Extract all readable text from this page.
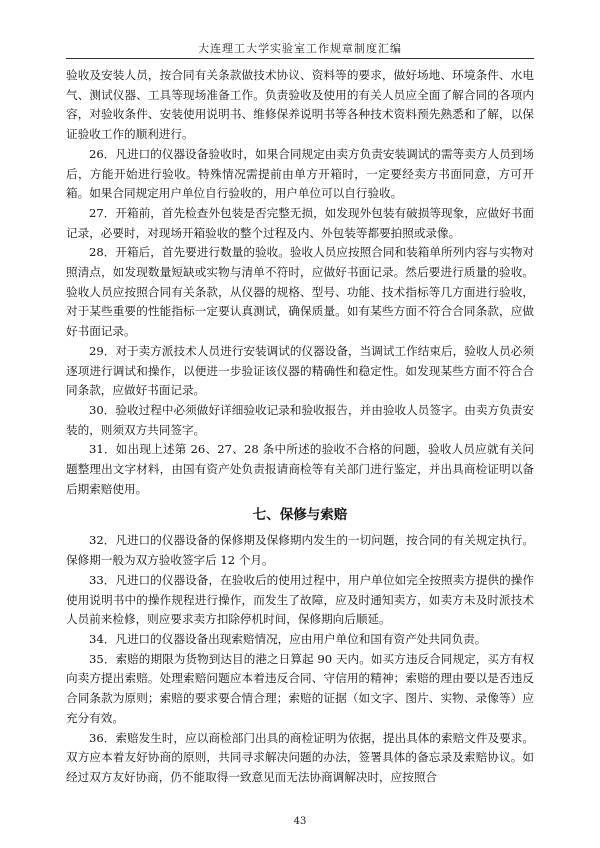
大连理工大学实验室工作规章制度汇编

验收及安装人员，按合同有关条款做技术协议、资料等的要求，做好场地、环境条件、水电气、测试仪器、工具等现场准备工作。负责验收及使用的有关人员应全面了解合同的各项内容，对验收条件、安装使用说明书、维修保养说明书等各种技术资料预先熟悉和了解，以保证验收工作的顺利进行。

26．凡进口的仪器设备验收时，如果合同规定由卖方负责安装调试的需等卖方人员到场后，方能开始进行验收。特殊情况需提前由单方开箱时，一定要经卖方书面同意，方可开箱。如果合同规定用户单位自行验收的，用户单位可以自行验收。

27．开箱前，首先检查外包装是否完整无损，如发现外包装有破损等现象，应做好书面记录，必要时，对现场开箱验收的整个过程及内、外包装等都要拍照或录像。

28．开箱后，首先要进行数量的验收。验收人员应按照合同和装箱单所列内容与实物对照清点，如发现数量短缺或实物与清单不符时，应做好书面记录。然后要进行质量的验收。验收人员应按照合同有关条款，从仪器的规格、型号、功能、技术指标等几方面进行验收，对于某些重要的性能指标一定要认真测试，确保质量。如有某些方面不符合合同条款，应做好书面记录。

29．对于卖方派技术人员进行安装调试的仪器设备，当调试工作结束后，验收人员必须逐项进行调试和操作，以便进一步验证该仪器的精确性和稳定性。如发现某些方面不符合合同条款，应做好书面记录。

30．验收过程中必须做好详细验收记录和验收报告，并由验收人员签字。由卖方负责安装的，则须双方共同签字。

31．如出现上述第 26、27、28 条中所述的验收不合格的问题，验收人员应就有关问题整理出文字材料，由国有资产处负责报请商检等有关部门进行鉴定，并出具商检证明以备后期索赔使用。

七、保修与索赔

32．凡进口的仪器设备的保修期及保修期内发生的一切问题，按合同的有关规定执行。保修期一般为双方验收签字后 12 个月。

33．凡进口的仪器设备，在验收后的使用过程中，用户单位如完全按照卖方提供的操作使用说明书中的操作规程进行操作，而发生了故障，应及时通知卖方，如卖方未及时派技术人员前来检修，则应要求卖方扣除停机时间，保修期向后顺延。

34．凡进口的仪器设备出现索赔情况，应由用户单位和国有资产处共同负责。

35．索赔的期限为货物到达目的港之日算起 90 天内。如买方违反合同规定，买方有权向卖方提出索赔。处理索赔问题应本着违反合同、守信用的精神；索赔的理由要以是否违反合同条款为原则；索赔的要求要合情合理；索赔的证据（如文字、图片、实物、录像等）应充分有效。

36．索赔发生时，应以商检部门出具的商检证明为依据，提出具体的索赔文件及要求。双方应本着友好协商的原则，共同寻求解决问题的办法，签署具体的备忘录及索赔协议。如经过双方友好协商，仍不能取得一致意见而无法协商调解决时，应按照合

43
